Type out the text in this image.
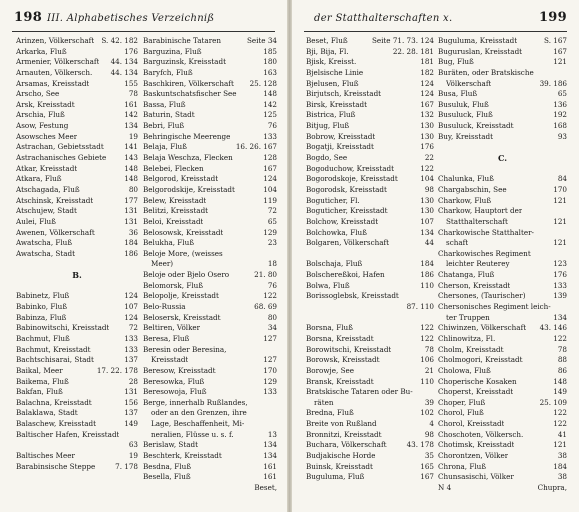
198 III. Alphabetisches Verzeichniß
Arinzen, Völkerschaft S. 42. 182
Arkarka, Fluß	176
Armenier, Völkerschaft	44. 134
Arnauten, Völkersch.	44. 134
Arsamas, Kreisstadt	155
Arscho, See	78
Arsk, Kreisstadt	161
Arschia, Fluß	142
Asow, Festung	134
Asowsches Meer	19
Astrachan, Gebietsstadt	141
Astrachanisches Gebiete	143
Atkar, Kreisstadt	148
Atkara, Fluß	148
Atschagada, Fluß	80
Atschinsk, Kreisstadt	177
Atschujew, Stadt	131
Aulei, Fluß	131
Awenen, Völkerschaft	36
Awatscha, Fluß	184
Awatscha, Stadt	186
B.
Babinetz, Fluß	124
Babinko, Fluß	107
Babinza, Fluß	124
Babinowitschi, Kreisstadt	72
Bachmut, Fluß	133
Bachmut, Kreisstadt	133
Bachtschisarai, Stadt	137
Baikal, Meer	17. 22. 178
Baikema, Fluß	28
Bakfan, Fluß	131
Balachna, Kreisstadt	156
Balaklawa, Stadt	137
Balaschew, Kreisstadt	149
Baltischer Hafen, Kreisstadt
63
Baltisches Meer	19
Barabinsische Steppe	7. 178
Barabinische Tataren	Seite 34
Barguzina, Fluß	185
Barguzinsk, Kreisstadt	180
Baryfch, Fluß	163
Baschkiren, Völkerschaft	25. 128
Baskuntschatsfischer See	148
Bassa, Fluß	142
Baturin, Stadt	125
Bebri, Fluß	76
Behringische Meerenge	133
Belaja, Fluß	16. 26. 167
Belaja Weschza, Flecken	128
Belebei, Flecken	167
Belgorod, Kreisstadt	124
Belgorodskije, Kreisstadt	104
Belew, Kreisstadt	119
Belitzi, Kreisstadt	72
Beloi, Kreisstadt	65
Belosowsk, Kreisstadt	129
Belukha, Fluß	23
Beloje More, (weisses
Meer)	18
Beloje oder Bjelo Osero	21. 80
Belomorsk, Fluß	76
Belopolje, Kreisstadt	122
Belo-Russia	68. 69
Belosersk, Kreisstadt	80
Beltiren, Völker	34
Beresa, Fluß	127
Beresin oder Beresina,
Kreisstadt	127
Beresow, Kreisstadt	170
Beresowka, Fluß	129
Beresowoja, Fluß	133
Berge, innerhalb Rußlandes,
oder an den Grenzen, ihre
Lage, Beschaffenheit, Mi-
neralien, Flüsse u. s. f.	13
Berislaw, Stadt	134
Beschterk, Kreisstadt	134
Besdna, Fluß	161
Besella, Fluß	161
Beset,
der Statthalterschaften x.	199
Beset, Fluß	Seite 71. 73. 124
Bji, Bija, Fl.	22. 28. 181
Bjisk, Kreisst.	181
Bjelsische Linie	182
Bjelusen, Fluß	124
Birjutsch, Kreisstadt	124
Birsk, Kreisstadt	167
Bistrica, Fluß	132
Bitjug, Fluß	130
Bobrow, Kreisstadt	130
Bogatji, Kreisstadt	176
Bogdo, See	22
Bogoduchow, Kreisstadt	122
Bogorodskoje, Kreisstadt	104
Bogorodsk, Kreisstadt	98
Boguticher, Fl.	130
Boguticher, Kreisstadt	130
Bolchow, Kreisstadt	107
Bolchowka, Fluß	134
Bolgaren, Völkerschaft	44
Bolschaja, Fluß	184
Bolschereßkoi, Hafen	186
Bolwa, Fluß	110
Borissoglebsk, Kreisstadt
87. 110
Borsna, Fluß	122
Borsna, Kreisstadt	122
Borowitschi, Kreisstadt	78
Borowsk, Kreisstadt	106
Borowje, See	21
Bransk, Kreisstadt	110
Bratskische Tataren oder Bu-
räten	39
Bredna, Fluß	102
Breite von Rußland	4
Bronnitzi, Kreisstadt	98
Buchara, Völkerschaft	43. 178
Budjakische Horde	35
Buinsk, Kreisstadt	165
Buguluma, Fluß	167
Buguluma, Kreisstadt	S. 167
Buguruslan, Kreisstadt	167
Bug, Fluß	121
Buräten, oder Bratskische
Völkerschaft	39. 186
Busa, Fluß	65
Busuluk, Fluß	136
Busuluck, Fluß	192
Busuluck, Kreisstadt	168
Buy, Kreisstadt	93
C.
Chalunka, Fluß	84
Chargabschin, See	170
Charkow, Fluß	121
Charkow, Hauptort der
Statthalterschaft	121
Charkowische Statthalter-
schaft	121
Charkowisches Regiment
leichter Reuterey	123
Chatanga, Fluß	176
Cherson, Kreisstadt	133
Chersones, (Taurischer)	139
Chersonisches Regiment leich-
ter Truppen	134
Chiwinzen, Völkerschaft	43. 146
Chlinowitza, Fl.	122
Cholm, Kreisstadt	78
Cholmogori, Kreisstadt	88
Cholowa, Fluß	86
Choperische Kosaken	148
Choperst, Kreisstadt	149
Choper, Fluß	25. 109
Chorol, Fluß	122
Chorol, Kreisstadt	122
Choschoten, Völkersch.	41
Chotimsk, Kreisstadt	121
Chorontzen, Völker	38
Chrona, Fluß	184
Chunsasischi, Völker	38
N 4	Chupra,
